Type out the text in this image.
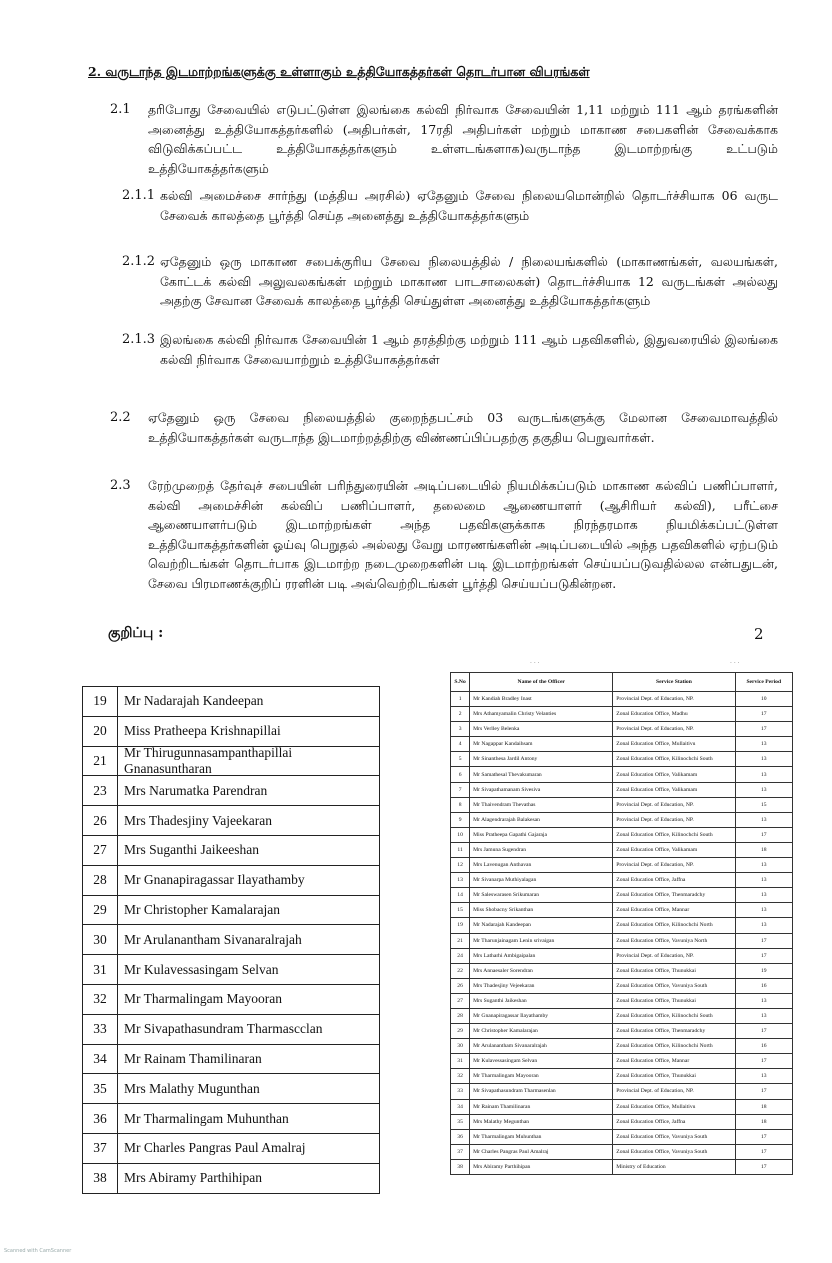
2. வருடாந்த இடமாற்றங்களுக்கு உள்ளாகும் உத்தியோகத்தர்கள் தொடர்பான விபரங்கள்
2.1 தரிபோது சேவையில் எடுபட்டுள்ள இலங்கை கல்வி நிர்வாக சேவையின் 1,11 மற்றும் 111 ஆம் தரங்களின் அனைத்து உத்தியோகத்தர்களில் (அதிபர்கள், 17ரதி அதிபர்கள் மற்றும் மாகாண சபைகளின் சேவைக்காக விடுவிக்கப்பட்ட உத்தியோகத்தர்களும் உள்ளடங்களாக)வருடாந்த இடமாற்றங்கு உட்படும் உத்தியோகத்தர்களும்
2.1.1 கல்வி அமைச்சை சார்ந்து (மத்திய அரசில்) ஏதேனும் சேவை நிலையமொன்றில் தொடர்ச்சியாக 06 வருட சேவைக் காலத்தை பூர்த்தி செய்த அனைத்து உத்தியோகத்தர்களும்
2.1.2 ஏதேனும் ஒரு மாகாண சபைக்குரிய சேவை நிலையத்தில் / நிலையங்களில் (மாகாணங்கள், வலயங்கள், கோட்டக் கல்வி அலுவலகங்கள் மற்றும் மாகாண பாடசாலைகள்) தொடர்ச்சியாக 12 வருடங்கள் அல்லது அதற்கு சேவான சேவைக் காலத்தை பூர்த்தி செய்துள்ள அனைத்து உத்தியோகத்தர்களும்
2.1.3 இலங்கை கல்வி நிர்வாக சேவையின் 1 ஆம் தரத்திற்கு மற்றும் 111 ஆம் பதவிகளில், இதுவரையில் இலங்கை கல்வி நிர்வாக சேவையாற்றும் உத்தியோகத்தர்கள்
2.2 ஏதேனும் ஒரு சேவை நிலையத்தில் குறைந்தபட்சம் 03 வருடங்களுக்கு மேலான சேவைமாவத்தில் உத்தியோகத்தர்கள் வருடாந்த இடமாற்றத்திற்கு விண்ணப்பிப்பதற்கு தகுதிய பெறுவார்கள்.
2.3 ரேற்முறைத் தேர்வுச் சபையின் பரிந்துரையின் அடிப்படையில் நியமிக்கப்படும் மாகாண கல்விப் பணிப்பாளர், கல்வி அமைச்சின் கல்விப் பணிப்பாளர், தலைமை ஆணையாளர் (ஆசிரியர் கல்வி), பரீட்சை ஆணையாளர்படும் இடமாற்றங்கள் அந்த பதவிகளுக்காக நிரந்தரமாக நியமிக்கப்பட்டுள்ள உத்தியோகத்தர்களின் ஓய்வு பெறுதல் அல்லது வேறு மாரணங்களின் அடிப்படையில் அந்த பதவிகளில் ஏற்படும் வெற்றிடங்கள் தொடர்பாக இடமாற்ற நடைமுறைகளின் படி இடமாற்றங்கள் செய்யப்படுவதில்லல என்பதுடன், சேவை பிரமாணக்குறிப் ரரளின் படி அவ்வெற்றிடங்கள் பூர்த்தி செய்யப்படுகின்றன.
குறிப்பு :	2
· · ·	· · ·
19	Mr Nadarajah Kandeepan
20	Miss Pratheepa Krishnapillai
21
Mr Thirugunnasampanthapillai Gnanasuntharan
23	Mrs Narumatka Parendran
26	Mrs Thadesjiny Vajeekaran
27	Mrs Suganthi Jaikeeshan
28	Mr Gnanapiragassar Ilayathamby
29	Mr Christopher Kamalarajan
30	Mr Arulanantham Sivanaralrajah
31	Mr Kulavessasingam Selvan
32	Mr Tharmalingam Mayooran
33	Mr Sivapathasundram Tharmascclan
34	Mr Rainam Thamilinaran
35	Mrs Malathy Mugunthan
36	Mr Tharmalingam Muhunthan
37	Mr Charles Pangras Paul Amalraj
38	Mrs Abiramy Parthihipan
S.No	Name of the Officer	Service Station	Service Period
1	Mr Kandiah Bradley Inast	Provincial Dept. of Education, NP.	10
2	Mrs Athamyamalin Christy Velanties	Zonal Education Office, Madhu	17
3	Mrs Verlley Belenka	Provincial Dept. of Education, NP.	17
4	Mr Nagappar Kandaihsam	Zonal Education Office, Mullaitivu	13
5	Mr Sinanthesa Jardil Antony	Zonal Education Office, Kilinochchi South	13
6	Mr Samathesal Thevakumaran	Zonal Education Office, Valikamam	13
7	Mr Sivapathamanam Sivesiva	Zonal Education Office, Valikamam	13
8	Mr Thaivendram Thevathas	Provincial Dept. of Education, NP.	15
9	Mr Alagendrarajah Balakesan	Provincial Dept. of Education, NP.	13
10	Miss Pratheepa Gapathi Gajaraja	Zonal Education Office, Kilinochchi South	17
11	Mrs Jamuna Sugendran	Zonal Education Office, Valikamam	18
12	Mrs Lavenugan Anthavan	Provincial Dept. of Education, NP.	13
13	Mr Sivanarpa Muthiyalagan	Zonal Education Office, Jaffna	13
14	Mr Saleswarasen Srikumaran	Zonal Education Office, Thenmaradchy	13
15	Miss Shobacny Srikanthan	Zonal Education Office, Mannar	13
19	Mr Nadarajah Kandeepan	Zonal Education Office, Kilinochchi North	13
21	Mr Tharunjainagam Lenin srivaigan	Zonal Education Office, Vavuniya North	17
24	Mrs Latharhi Ambigaipalan	Provincial Dept. of Education, NP.	17
22	Mrs Annaesaler Sorendran	Zonal Education Office, Thunukkai	19
26	Mrs Thadesjiny Vejeekaran	Zonal Education Office, Vavuniya South	16
27	Mrs Suganthi Jaikeshan	Zonal Education Office, Thunukkai	13
28	Mr Gnanapiragassar Ilayathamby	Zonal Education Office, Kilinochchi South	13
29	Mr Christopher Kamalarajan	Zonal Education Office, Thenmaradchy	17
30	Mr Arulanantham Sivanaralrajah	Zonal Education Office, Kilinochchi North	16
31	Mr Kulavessasingam Selvan	Zonal Education Office, Mannar	17
32	Mr Tharmalingam Mayooran	Zonal Education Office, Thunukkai	13
33	Mr Sivapathasundram Tharmasenlan	Provincial Dept. of Education, NP.	17
34	Mr Rainam Thamilinaran	Zonal Education Office, Mullaitivu	18
35	Mrs Malathy Megunthan	Zonal Education Office, Jaffna	18
36	Mr Tharmalingam Muhunthan	Zonal Education Office, Vavuniya South	17
37	Mr Charles Pangras Paul Amalraj	Zonal Education Office, Vavuniya South	17
38	Mrs Abiramy Parthihipan	Ministry of Education	17
Scanned with CamScanner
